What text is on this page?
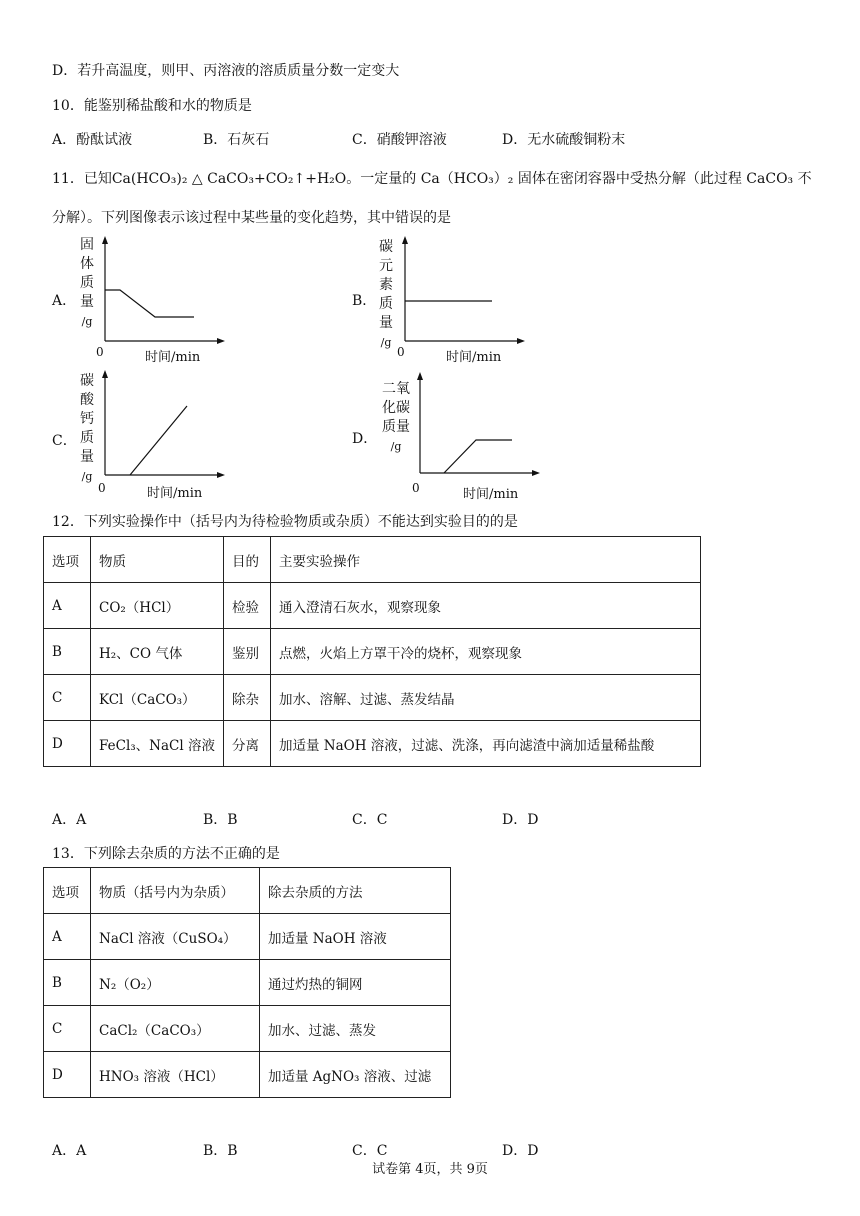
D．若升高温度，则甲、丙溶液的溶质质量分数一定变大
10．能鉴别稀盐酸和水的物质是
A．酚酞试液	B．石灰石	C．硝酸钾溶液	D．无水硫酸铜粉末
11．已知Ca(HCO₃)₂ △ CaCO₃+CO₂↑+H₂O。一定量的 Ca（HCO₃）₂ 固体在密闭容器中受热分解（此过程 CaCO₃ 不
分解）。下列图像表示该过程中某些量的变化趋势，其中错误的是
A．
固
体
质
量
/g
0	时间/min
B．
碳
元
素
质
量
/g
0	时间/min
C．
碳
酸
钙
质
量
/g
0	时间/min
D．
二氧
化碳
质量
/g
0	时间/min
12．下列实验操作中（括号内为待检验物质或杂质）不能达到实验目的的是
选项	物质	目的	主要实验操作
A	CO₂（HCl）	检验	通入澄清石灰水，观察现象
B	H₂、CO 气体	鉴别	点燃，火焰上方罩干冷的烧杯，观察现象
C	KCl（CaCO₃）	除杂	加水、溶解、过滤、蒸发结晶
D	FeCl₃、NaCl 溶液	分离	加适量 NaOH 溶液，过滤、洗涤，再向滤渣中滴加适量稀盐酸
A．A	B．B	C．C	D．D
13．下列除去杂质的方法不正确的是
选项	物质（括号内为杂质）	除去杂质的方法
A	NaCl 溶液（CuSO₄）	加适量 NaOH 溶液
B	N₂（O₂）	通过灼热的铜网
C	CaCl₂（CaCO₃）	加水、过滤、蒸发
D	HNO₃ 溶液（HCl）	加适量 AgNO₃ 溶液、过滤
A．A	B．B	C．C	D．D
试卷第 4页，共 9页
